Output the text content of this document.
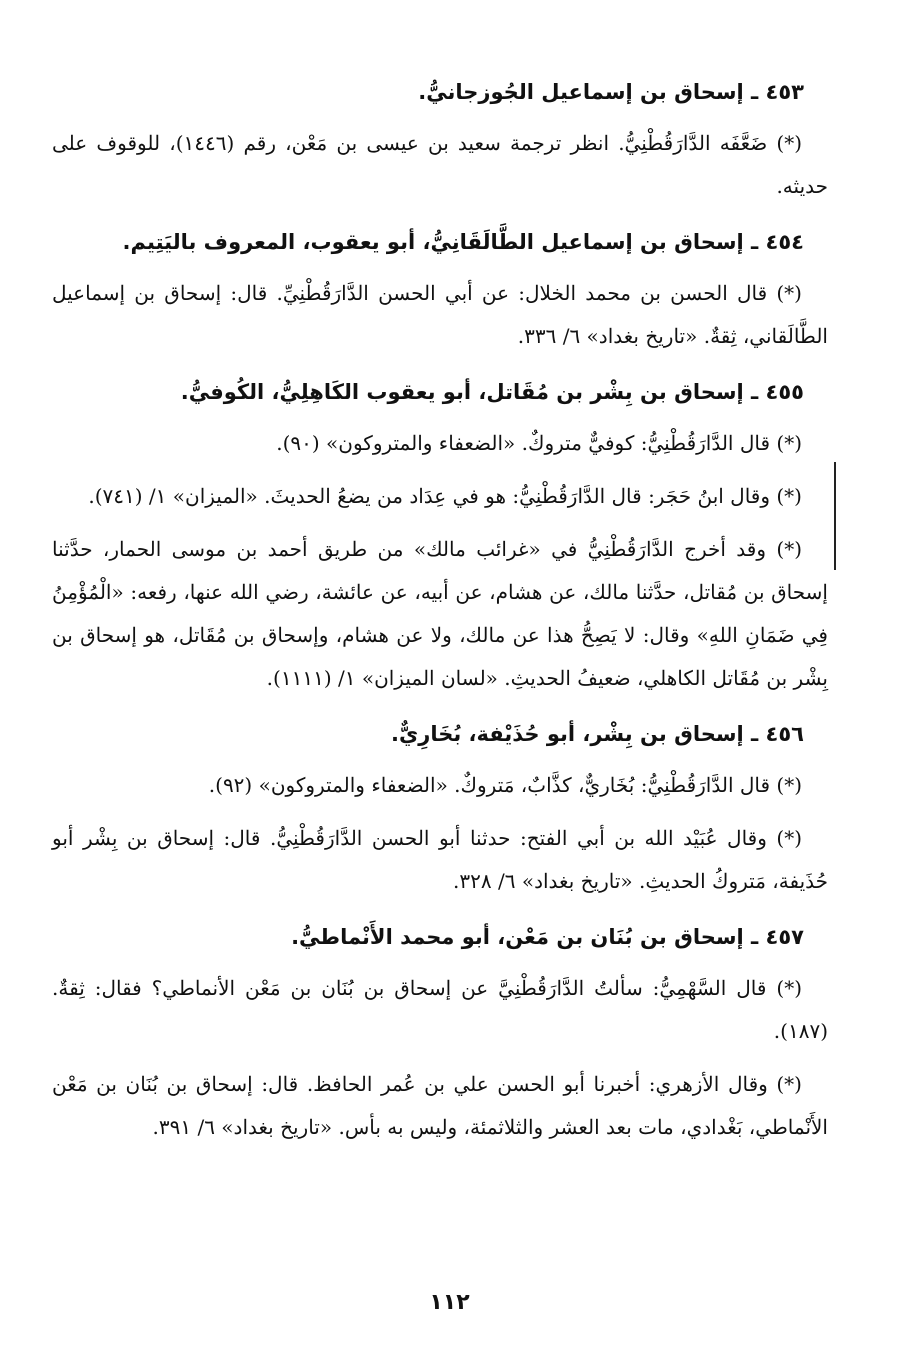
٤٥٣ ـ إسحاق بن إسماعيل الجُوزجانيُّ.

(*) ضَعَّفَه الدَّارَقُطْنِيُّ. انظر ترجمة سعيد بن عيسى بن مَعْن، رقم (١٤٤٦)، للوقوف على حديثه.

٤٥٤ ـ إسحاق بن إسماعيل الطَّالَقَانِيُّ، أبو يعقوب، المعروف باليَتِيم.

(*) قال الحسن بن محمد الخلال: عن أبي الحسن الدَّارَقُطْنِيِّ. قال: إسحاق بن إسماعيل الطَّالَقاني، ثِقةٌ. «تاريخ بغداد» ٦/ ٣٣٦.

٤٥٥ ـ إسحاق بن بِشْر بن مُقَاتل، أبو يعقوب الكَاهِلِيُّ، الكُوفيُّ.

(*) قال الدَّارَقُطْنِيُّ: كوفيٌّ متروكٌ. «الضعفاء والمتروكون» (٩٠).

(*) وقال ابنُ حَجَر: قال الدَّارَقُطْنِيُّ: هو في عِدَاد من يضعُ الحديثَ. «الميزان» ١/ (٧٤١).

(*) وقد أخرج الدَّارَقُطْنِيُّ في «غرائب مالك» من طريق أحمد بن موسى الحمار، حدَّثنا إسحاق بن مُقاتل، حدَّثنا مالك، عن هشام، عن أبيه، عن عائشة، رضي الله عنها، رفعه: «الْمُؤْمِنُ فِي ضَمَانِ اللهِ» وقال: لا يَصِحُّ هذا عن مالك، ولا عن هشام، وإسحاق بن مُقَاتل، هو إسحاق بن بِشْر بن مُقَاتل الكاهلي، ضعيفُ الحديثِ. «لسان الميزان» ١/ (١١١١).

٤٥٦ ـ إسحاق بن بِشْر، أبو حُذَيْفة، بُخَارِيٌّ.

(*) قال الدَّارَقُطْنِيُّ: بُخَاريٌّ، كذَّابٌ، مَتروكٌ. «الضعفاء والمتروكون» (٩٢).

(*) وقال عُبَيْد الله بن أبي الفتح: حدثنا أبو الحسن الدَّارَقُطْنِيُّ. قال: إسحاق بن بِشْر أبو حُذَيفة، مَتروكُ الحديثِ. «تاريخ بغداد» ٦/ ٣٢٨.

٤٥٧ ـ إسحاق بن بُنَان بن مَعْن، أبو محمد الأَنْماطيُّ.

(*) قال السَّهْمِيُّ: سألتُ الدَّارَقُطْنِيَّ عن إسحاق بن بُنَان بن مَعْن الأنماطي؟ فقال: ثِقةٌ. (١٨٧).

(*) وقال الأزهري: أخبرنا أبو الحسن علي بن عُمر الحافظ. قال: إسحاق بن بُنَان بن مَعْن الأَنْماطي، بَغْدادي، مات بعد العشر والثلاثمئة، وليس به بأس. «تاريخ بغداد» ٦/ ٣٩١.

١١٢
